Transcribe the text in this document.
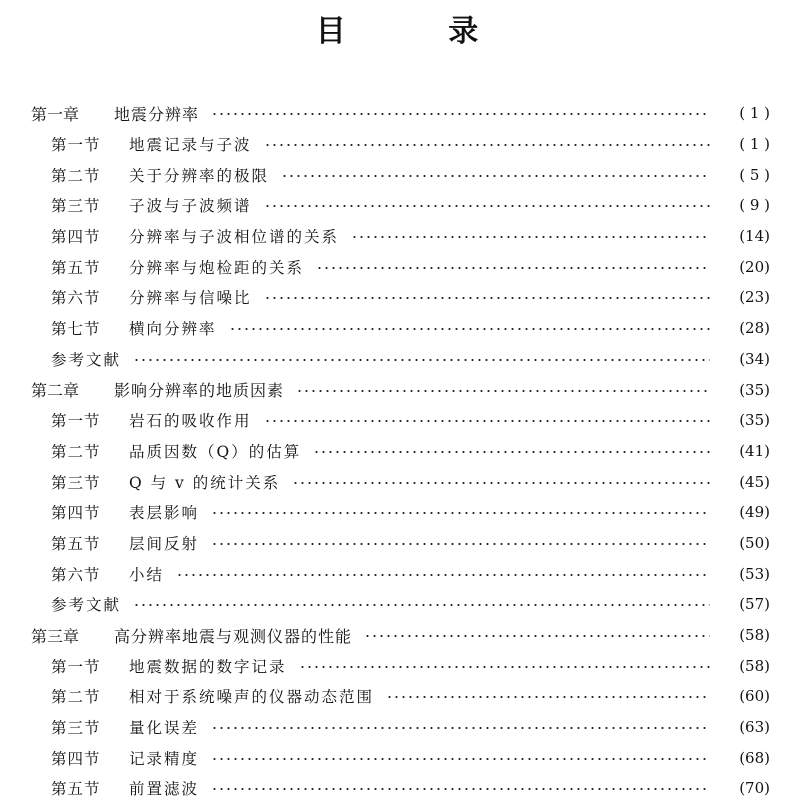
目 录
第一章	地震分辨率	( 1 )
第一节	地震记录与子波	( 1 )
第二节	关于分辨率的极限	( 5 )
第三节	子波与子波频谱	( 9 )
第四节	分辨率与子波相位谱的关系	(14)
第五节	分辨率与炮检距的关系	(20)
第六节	分辨率与信噪比	(23)
第七节	横向分辨率	(28)
参考文献	(34)
第二章	影响分辨率的地质因素	(35)
第一节	岩石的吸收作用	(35)
第二节	品质因数（Q）的估算	(41)
第三节	Q 与 v 的统计关系	(45)
第四节	表层影响	(49)
第五节	层间反射	(50)
第六节	小结	(53)
参考文献	(57)
第三章	高分辨率地震与观测仪器的性能	(58)
第一节	地震数据的数字记录	(58)
第二节	相对于系统噪声的仪器动态范围	(60)
第三节	量化误差	(63)
第四节	记录精度	(68)
第五节	前置滤波	(70)
